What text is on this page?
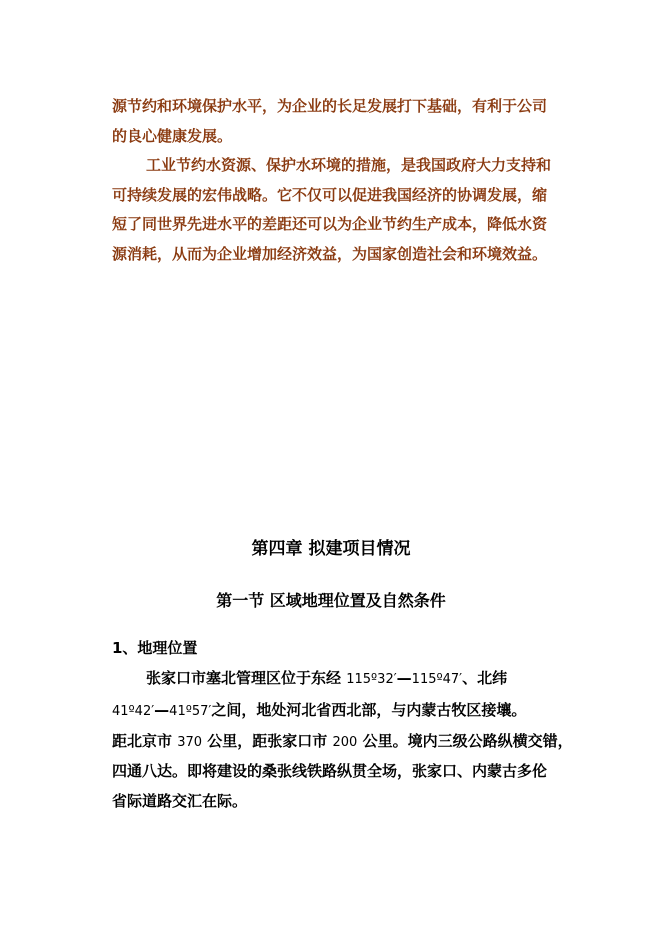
源节约和环境保护水平，为企业的长足发展打下基础，有利于公司
的良心健康发展。
工业节约水资源、保护水环境的措施，是我国政府大力支持和
可持续发展的宏伟战略。它不仅可以促进我国经济的协调发展，缩
短了同世界先进水平的差距还可以为企业节约生产成本，降低水资
源消耗，从而为企业增加经济效益，为国家创造社会和环境效益。
第四章 拟建项目情况
第一节 区域地理位置及自然条件
1、地理位置
张家口市塞北管理区位于东经 115º32′—115º47′、北纬
41º42′—41º57′之间，地处河北省西北部，与内蒙古牧区接壤。
距北京市 370 公里，距张家口市 200 公里。境内三级公路纵横交错，
四通八达。即将建设的桑张线铁路纵贯全场，张家口、内蒙古多伦
省际道路交汇在际。
